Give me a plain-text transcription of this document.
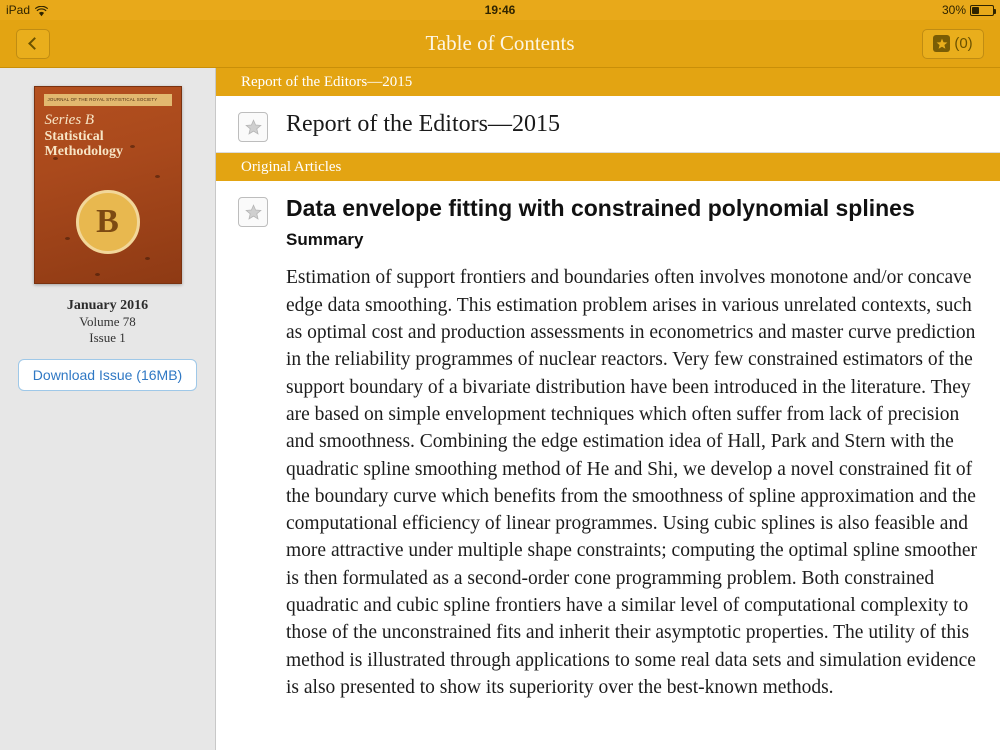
iPad	19:46	30%
Table of Contents	(0)
JOURNAL OF THE ROYAL STATISTICAL SOCIETY
Series B
Statistical
Methodology
B
January 2016
Volume 78
Issue 1
Download Issue (16MB)
Report of the Editors—2015

Report of the Editors—2015

Original Articles

Data envelope fitting with constrained polynomial splines

Summary

Estimation of support frontiers and boundaries often involves monotone and/or concave edge data smoothing. This estimation problem arises in various unrelated contexts, such as optimal cost and production assessments in econometrics and master curve prediction in the reliability programmes of nuclear reactors. Very few constrained estimators of the support boundary of a bivariate distribution have been introduced in the literature. They are based on simple envelopment techniques which often suffer from lack of precision and smoothness. Combining the edge estimation idea of Hall, Park and Stern with the quadratic spline smoothing method of He and Shi, we develop a novel constrained fit of the boundary curve which benefits from the smoothness of spline approximation and the computational efficiency of linear programmes. Using cubic splines is also feasible and more attractive under multiple shape constraints; computing the optimal spline smoother is then formulated as a second-order cone programming problem. Both constrained quadratic and cubic spline frontiers have a similar level of computational complexity to those of the unconstrained fits and inherit their asymptotic properties. The utility of this method is illustrated through applications to some real data sets and simulation evidence is also presented to show its superiority over the best-known methods.
